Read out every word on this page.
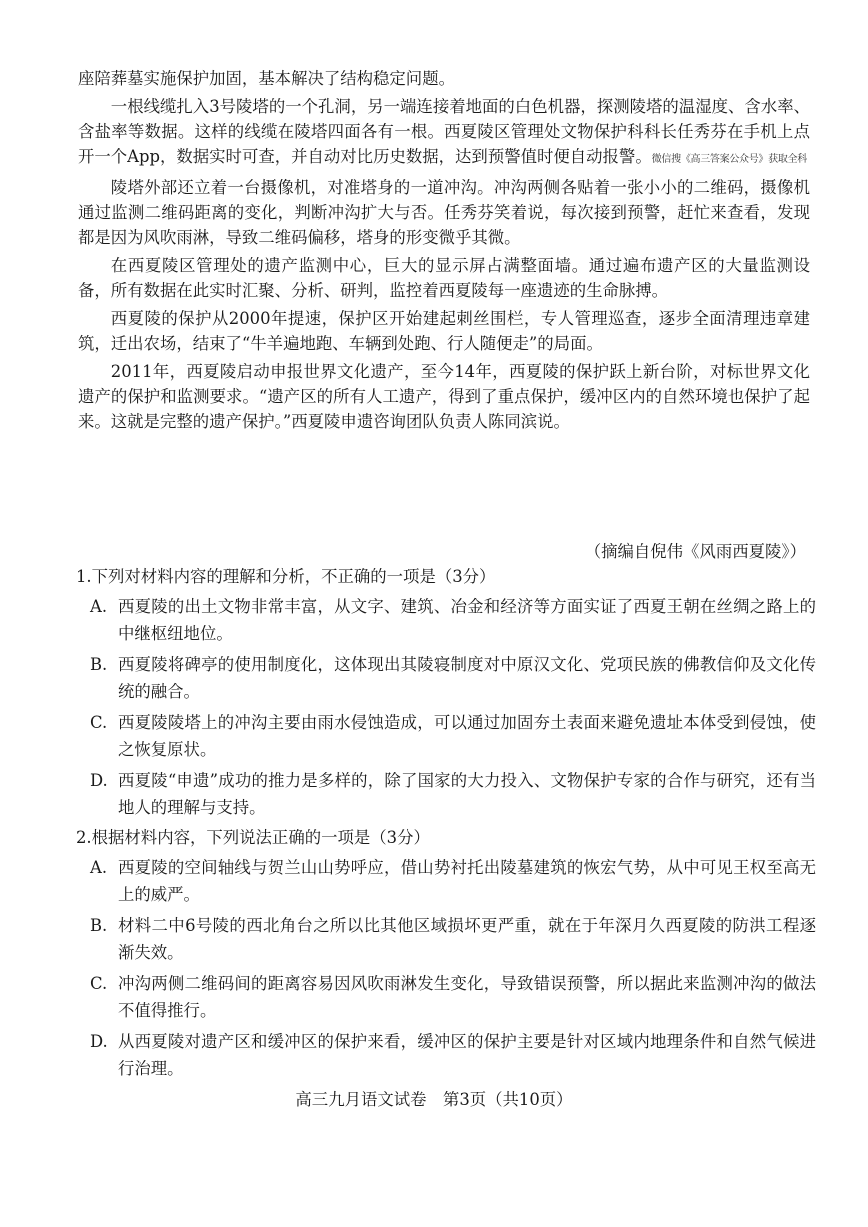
座陪葬墓实施保护加固，基本解决了结构稳定问题。

一根线缆扎入3号陵塔的一个孔洞，另一端连接着地面的白色机器，探测陵塔的温湿度、含水率、含盐率等数据。这样的线缆在陵塔四面各有一根。西夏陵区管理处文物保护科科长任秀芬在手机上点开一个App，数据实时可查，并自动对比历史数据，达到预警值时便自动报警。微信搜《高三答案公众号》获取全科

陵塔外部还立着一台摄像机，对准塔身的一道冲沟。冲沟两侧各贴着一张小小的二维码，摄像机通过监测二维码距离的变化，判断冲沟扩大与否。任秀芬笑着说，每次接到预警，赶忙来查看，发现都是因为风吹雨淋，导致二维码偏移，塔身的形变微乎其微。

在西夏陵区管理处的遗产监测中心，巨大的显示屏占满整面墙。通过遍布遗产区的大量监测设备，所有数据在此实时汇聚、分析、研判，监控着西夏陵每一座遗迹的生命脉搏。

西夏陵的保护从2000年提速，保护区开始建起刺丝围栏，专人管理巡查，逐步全面清理违章建筑，迁出农场，结束了“牛羊遍地跑、车辆到处跑、行人随便走”的局面。

2011年，西夏陵启动申报世界文化遗产，至今14年，西夏陵的保护跃上新台阶，对标世界文化遗产的保护和监测要求。“遗产区的所有人工遗产，得到了重点保护，缓冲区内的自然环境也保护了起来。这就是完整的遗产保护。”西夏陵申遗咨询团队负责人陈同滨说。

（摘编自倪伟《风雨西夏陵》）

1.下列对材料内容的理解和分析，不正确的一项是（3分）

A. 西夏陵的出土文物非常丰富，从文字、建筑、冶金和经济等方面实证了西夏王朝在丝绸之路上的中继枢纽地位。
B. 西夏陵将碑亭的使用制度化，这体现出其陵寝制度对中原汉文化、党项民族的佛教信仰及文化传统的融合。
C. 西夏陵陵塔上的冲沟主要由雨水侵蚀造成，可以通过加固夯土表面来避免遗址本体受到侵蚀，使之恢复原状。
D. 西夏陵“申遗”成功的推力是多样的，除了国家的大力投入、文物保护专家的合作与研究，还有当地人的理解与支持。

2.根据材料内容，下列说法正确的一项是（3分）

A. 西夏陵的空间轴线与贺兰山山势呼应，借山势衬托出陵墓建筑的恢宏气势，从中可见王权至高无上的威严。
B. 材料二中6号陵的西北角台之所以比其他区域损坏更严重，就在于年深月久西夏陵的防洪工程逐渐失效。
C. 冲沟两侧二维码间的距离容易因风吹雨淋发生变化，导致错误预警，所以据此来监测冲沟的做法不值得推行。
D. 从西夏陵对遗产区和缓冲区的保护来看，缓冲区的保护主要是针对区域内地理条件和自然气候进行治理。
高三九月语文试卷　第3页（共10页）
